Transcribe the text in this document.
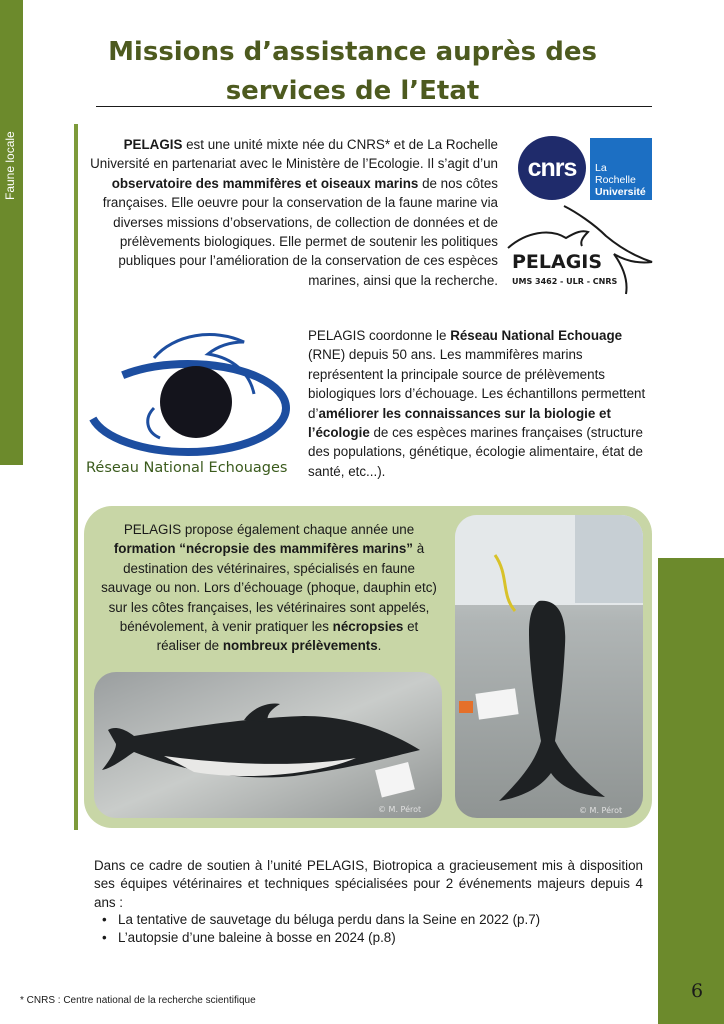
Faune locale
6
Missions d’assistance auprès des
services de l’Etat

PELAGIS est une unité mixte née du CNRS* et de La Rochelle Université en partenariat avec le Ministère de l’Ecologie. Il s’agit d’un observatoire des mammifères et oiseaux marins de nos côtes françaises. Elle oeuvre pour la conservation de la faune marine via diverses missions d’observations, de collection de données et de prélèvements biologiques. Elle permet de soutenir les politiques publiques pour l’amélioration de la conservation de ces espèces marines, ainsi que la recherche.

cnrs	La Rochelle
Université
PELAGIS
UMS 3462 - ULR - CNRS
Réseau National Echouages

PELAGIS coordonne le Réseau National Echouage (RNE) depuis 50 ans. Les mammifères marins représentent la principale source de prélèvements biologiques lors d’échouage. Les échantillons permettent d’améliorer les connaissances sur la biologie et l’écologie de ces espèces marines françaises (structure des populations, génétique, écologie alimentaire, état de santé, etc...).

PELAGIS propose également chaque année une formation “nécropsie des mammifères marins” à destination des vétérinaires, spécialisés en faune sauvage ou non. Lors d’échouage (phoque, dauphin etc) sur les côtes françaises, les vétérinaires sont appelés, bénévolement, à venir pratiquer les nécropsies et réaliser de nombreux prélèvements.

© M. Pérot	© M. Pérot

Dans ce cadre de soutien à l’unité PELAGIS, Biotropica a gracieusement mis à disposition ses équipes vétérinaires et techniques spécialisées pour 2 événements majeurs depuis 4 ans :

• La tentative de sauvetage du béluga perdu dans la Seine en 2022 (p.7)
• L’autopsie d’une baleine à bosse en 2024 (p.8)

* CNRS : Centre national de la recherche scientifique
